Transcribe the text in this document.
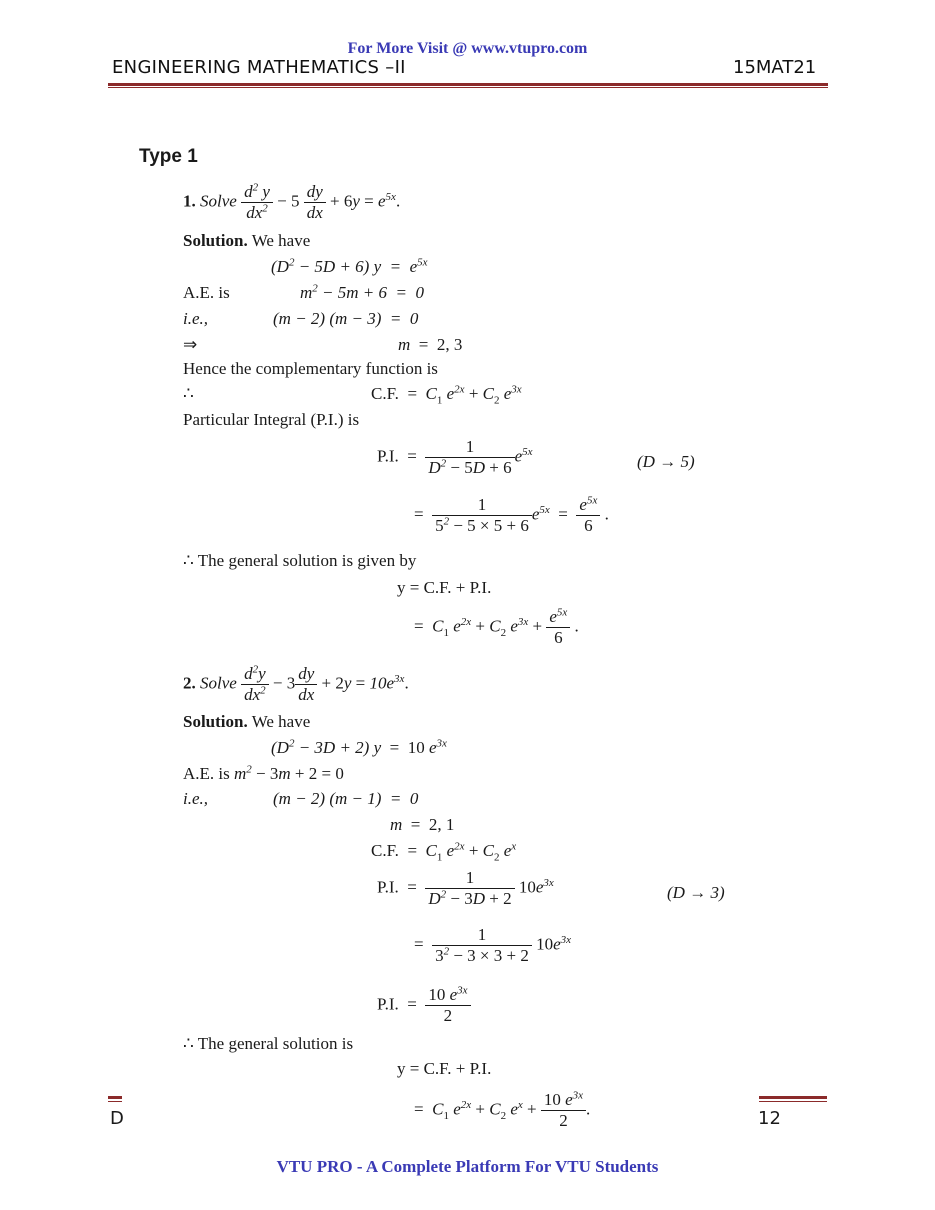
For More Visit @ www.vtupro.com
ENGINEERING MATHEMATICS –II	15MAT21
Type 1
1. Solve $\frac{d^2 y}{dx^2} - 5 \frac{dy}{dx} + 6y = e^{5x}$.
Solution. We have
$(D^2 - 5D + 6) y = e^{5x}$
A.E. is	$m^2 - 5m + 6 = 0$
i.e.,	(m − 2) (m − 3)  =  0
⇒	m  =  2, 3
Hence the complementary function is
∴	C.F.  =  $C_1$ $e^{2x} + C_2$ $e^{3x}$
Particular Integral (P.I.) is
P.I.  = $\frac{1}{D^2 - 5D + 6} e^{5x}$
(D → 5)
= $\frac{1}{5^2 - 5 \times 5 + 6} e^{5x} = \frac{e^{5x}}{6}$ .
∴ The general solution is given by
y = C.F. + P.I.
=  $C_1$ $e^{2x} + C_2$ $e^{3x} + \frac{e^{5x}}{6}$ .
2. Solve $\frac{d^2y}{dx^2} - 3 \frac{dy}{dx} + 2y = 10e^{3x}$.
Solution. We have
$(D^2 - 3D + 2) y = 10$ $e^{3x}$
A.E. is $m^2 - 3m + 2 = 0$
i.e.,	(m − 2) (m − 1)  =  0
m  =  2, 1
C.F.  =  $C_1$ $e^{2x} + C_2$ $e^x$
P.I.  = $\frac{1}{D^2 - 3D + 2} 10e^{3x}$
(D → 3)
= $\frac{1}{3^2 - 3 \times 3 + 2} 10e^{3x}$
P.I.  = $\frac{10 e^{3x}}{2}$
∴ The general solution is
y = C.F. + P.I.
=  $C_1$ $e^{2x} + C_2$ $e^x + \frac{10 e^{3x}}{2}$ .
D	12
VTU PRO - A Complete Platform For VTU Students
